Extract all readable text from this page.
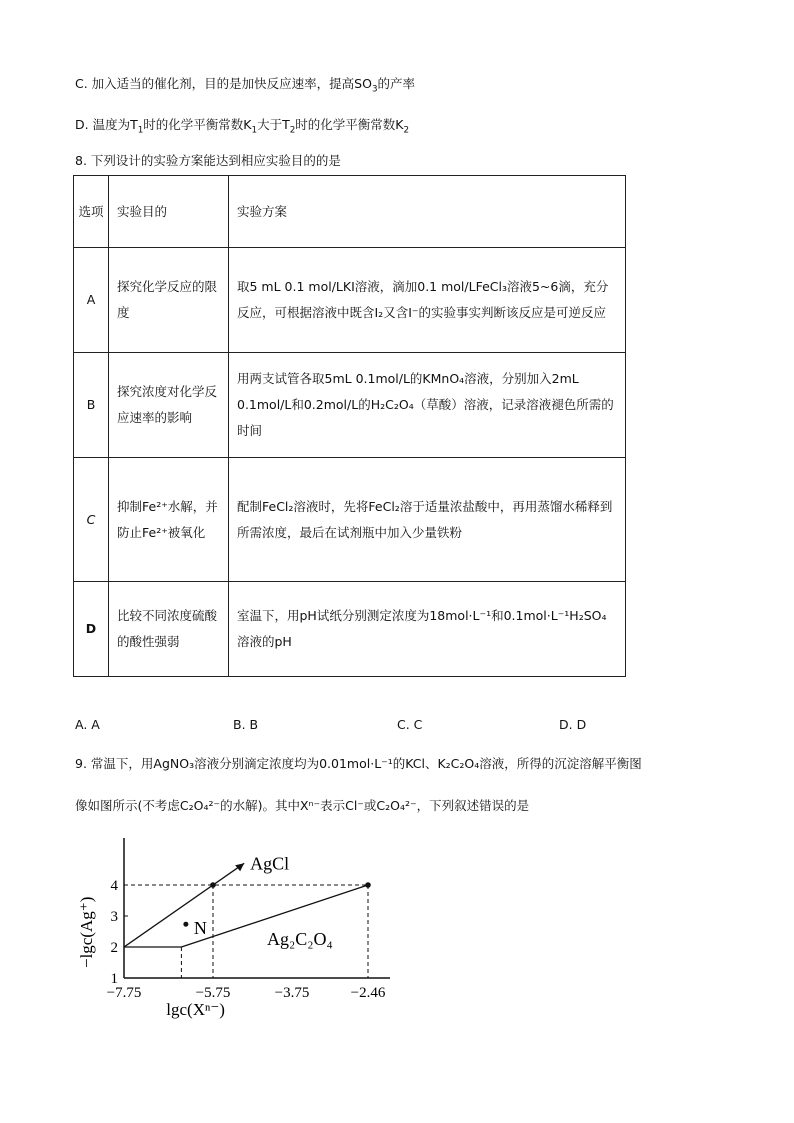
C. 加入适当的催化剂，目的是加快反应速率，提高$SO_3$的产率
D. 温度为$T_1$时的化学平衡常数$K_1$大于$T_2$时的化学平衡常数$K_2$
8. 下列设计的实验方案能达到相应实验目的的是
选项	实验目的	实验方案
A	探究化学反应的限度	取5 mL 0.1 mol/LKI溶液，滴加0.1 mol/LFeCl₃溶液5~6滴，充分反应，可根据溶液中既含I₂又含I⁻的实验事实判断该反应是可逆反应
B	探究浓度对化学反应速率的影响	用两支试管各取5mL 0.1mol/L的KMnO₄溶液，分别加入2mL 0.1mol/L和0.2mol/L的H₂C₂O₄（草酸）溶液，记录溶液褪色所需的时间
C	抑制Fe²⁺水解，并防止Fe²⁺被氧化	配制FeCl₂溶液时，先将FeCl₂溶于适量浓盐酸中，再用蒸馏水稀释到所需浓度，最后在试剂瓶中加入少量铁粉
D	比较不同浓度硫酸的酸性强弱	室温下，用pH试纸分别测定浓度为18mol·L⁻¹和0.1mol·L⁻¹H₂SO₄溶液的pH
A. A	B. B	C. C	D. D
9. 常温下，用AgNO₃溶液分别滴定浓度均为0.01mol·L⁻¹的KCl、K₂C₂O₄溶液，所得的沉淀溶解平衡图
像如图所示(不考虑C₂O₄²⁻的水解)。其中Xⁿ⁻表示Cl⁻或C₂O₄²⁻，下列叙述错误的是
1
2
3
4
−7.75	−5.75	−3.75	−2.46
AgCl
Ag₂C₂O₄
N
−lgc(Ag⁺)
lgc(Xⁿ⁻)
